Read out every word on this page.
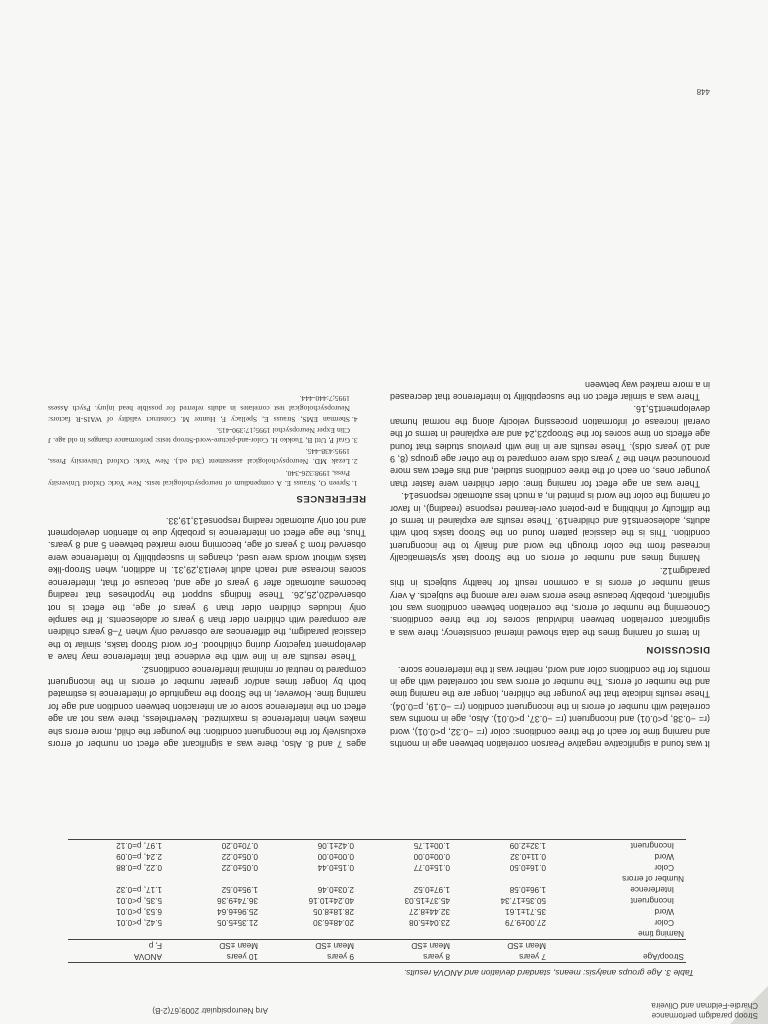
Stroop paradigm performance
Chardie-Feldman and Oliveira
Arq Neuropsiquiatr 2009;67(2-B)
Table 3. Age groups analysis: means, standard deviation and ANOVA results.
Stroop/Age	7 years	8 years	9 years	10 years	ANOVA
	Mean ±SD	Mean ±SD	Mean ±SD	Mean ±SD	F, p
Naming time					
Color	27.00±9.79	23.04±5.08	20.48±6.30	21.35±5.05	5.42, p<0.01
Word	35.71±1.61	32.44±8.27	28.18±8.05	25.96±6.64	6.53, p<0.01
Incongruent	50.35±17.34	45.37±15.03	40.24±10.16	36.74±9.36	5.35, p<0.01
Interference	1.96±0.58	1.97±0.52	2.03±0.46	1.95±0.52	1.17, p=0.32
Number of errors					
Color	0.16±0.50	0.15±0.77	0.15±0.44	0.05±0.22	0.22, p=0.88
Word	0.11±0.32	0.00±0.00	0.00±0.00	0.05±0.22	2.24, p=0.09
Incongruent	1.32±2.09	1.00±1.75	0.42±1.06	0.70±0.20	1.97, p=0.12

It was found a significative negative Pearson correlation between age in months and naming time for each of the three conditions: color (r= −0.32, p<0.01), word (r= −0.38, p<0.01) and incongruent (r= −0.37, p<0.01). Also, age in months was correlated with number of errors in the incongruent condition (r= −0.19, p=0.04). These results indicate that the younger the children, longer are the naming time and the number of errors. The number of errors was not correlated with age in months for the conditions color and word, neither was it the interference score.

DISCUSSION

In terms of naming times the data showed internal consistency; there was a significant correlation between individual scores for the three conditions. Concerning the number of errors, the correlation between conditions was not significant, probably because these errors were rare among the subjects. A very small number of errors is a common result for healthy subjects in this paradigm12.

Naming times and number of errors on the Stroop task systematically increased from the color through the word and finally to the incongruent condition. This is the classical pattern found on the Stroop tasks both with adults, adolescents16 and children19. These results are explained in terms of the difficulty of inhibiting a pre-potent over-learned response (reading), in favor of naming the color the word is printed in, a much less automatic response14.

There was an age effect for naming time: older children were faster than younger ones, on each of the three conditions studied, and this effect was more pronounced when the 7 years olds were compared to the other age groups (8, 9 and 10 years olds). These results are in line with previous studies that found age effects on time scores for the Stroop23,24 and are explained in terms of the overall increase of information processing velocity along the normal human development15,16.

There was a similar effect on the susceptibility to interference that decreased in a more marked way between

448

ages 7 and 8. Also, there was a significant age effect on number of errors exclusively for the incongruent condition: the younger the child, more errors she makes when interference is maximized. Nevertheless, there was not an age effect on the interference score or an interaction between condition and age for naming time. However, in the Stroop the magnitude of interference is estimated both by longer times and/or greater number of errors in the incongruent compared to neutral or minimal interference conditions2.

These results are in line with the evidence that interference may have a development trajectory during childhood. For word Stroop tasks, similar to the classical paradigm, the differences are observed only when 7–8 years children are compared with children older than 9 years or adolescents. If the sample only includes children older than 9 years of age, the effect is not observed20,25,26. These findings support the hypotheses that reading becomes automatic after 9 years of age and, because of that, interference scores increase and reach adult level13,29,31. In addition, when Stroop-like tasks without words were used, changes in susceptibility to interference were observed from 3 years of age, becoming more marked between 5 and 8 years. Thus, the age effect on interference is probably due to attention development and not only automatic reading response13,19,33.

REFERENCES
1. Spreen O, Strauss E. A compendium of neuropsychological tests. New York: Oxford University Press, 1998:326-340.
2. Lezak MD. Neuropsychological assessment (3rd ed.). New York: Oxford University Press, 1995:438-445.
3. Graf P, Uttl B, Tuokko H. Color-and-picture-word-Stroop tests: performance changes in old age. J Clin Exper Neuropsychol 1995;17:390-415.
4. Sherman EMS, Strauss E, Spellacy F, Hunter M. Construct validity of WAIS-R factors: Neuropsychological test correlates in adults referred for possible head injury. Psych Assess 1995;7:440-444.
